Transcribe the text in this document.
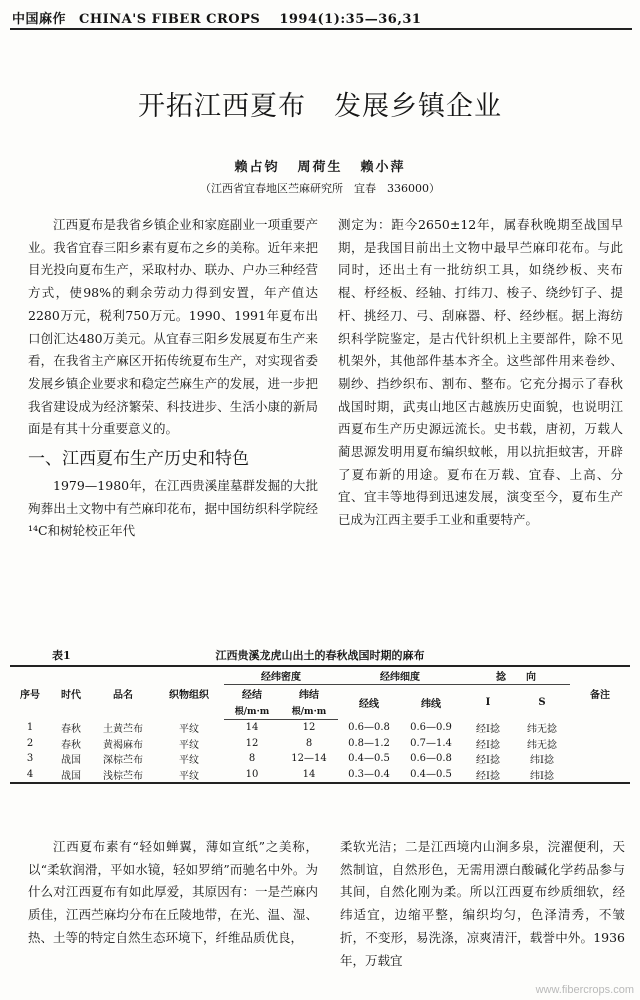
中国麻作 CHINA'S FIBER CROPS 1994(1):35—36,31
开拓江西夏布 发展乡镇企业
赖占钧 周荷生 赖小萍
（江西省宜春地区苎麻研究所　宜春　336000）

江西夏布是我省乡镇企业和家庭副业一项重要产业。我省宜春三阳乡素有夏布之乡的美称。近年来把目光投向夏布生产，采取村办、联办、户办三种经营方式，使98%的剩余劳动力得到安置，年产值达2280万元，税利750万元。1990、1991年夏布出口创汇达480万美元。从宜春三阳乡发展夏布生产来看，在我省主产麻区开拓传统夏布生产，对实现省委发展乡镇企业要求和稳定苎麻生产的发展，进一步把我省建设成为经济繁荣、科技进步、生活小康的新局面是有其十分重要意义的。

一、江西夏布生产历史和特色

1979—1980年，在江西贵溪崖墓群发掘的大批殉葬出土文物中有苎麻印花布，据中国纺织科学院经¹⁴C和树轮校正年代

测定为：距今2650±12年，属春秋晚期至战国早期，是我国目前出土文物中最早苎麻印花布。与此同时，还出土有一批纺织工具，如绕纱板、夹布棍、杼经板、经轴、打纬刀、梭子、绕纱钉子、提杆、挑经刀、弓、刮麻器、杼、经纱框。据上海纺织科学院鉴定，是古代针织机上主要部件，除不见机架外，其他部件基本齐全。这些部件用来卷纱、剔纱、挡纱织布、割布、整布。它充分揭示了春秋战国时期，武夷山地区古越族历史面貌，也说明江西夏布生产历史源远流长。史书载，唐初，万载人蔺思源发明用夏布编织蚊帐，用以抗拒蚊害，开辟了夏布新的用途。夏布在万载、宜春、上高、分宜、宜丰等地得到迅速发展，演变至今，夏布生产已成为江西主要手工业和重要特产。

表1	江西贵溪龙虎山出土的春秋战国时期的麻布
序号	时代	品名	织物组织	经纬密度		经纬细度		捻　　向		备注
				经结	纬结	经线	纬线	I	S	
				根/m·m	根/m·m					
1	春秋	土黄苎布	平纹	14	12	0.6—0.8	0.6—0.9	经I捻	纬无捻	
2	春秋	黄褐麻布	平纹	12	8	0.8—1.2	0.7—1.4	经I捻	纬无捻	
3	战国	深棕苎布	平纹	8	12—14	0.4—0.5	0.6—0.8	经I捻	纬I捻	
4	战国	浅棕苎布	平纹	10	14	0.3—0.4	0.4—0.5	经I捻	纬I捻	

江西夏布素有“轻如蝉翼，薄如宣纸”之美称，以“柔软润滑，平如水镜，轻如罗绡”而驰名中外。为什么对江西夏布有如此厚爱，其原因有：一是苎麻内质佳，江西苎麻均分布在丘陵地带，在光、温、湿、热、土等的特定自然生态环境下，纤维品质优良，

柔软光洁；二是江西境内山涧多泉，浣濯便利，天然制谊，自然形色，无需用漂白酸碱化学药品参与其间，自然化刚为柔。所以江西夏布纱质细软，经纬适宜，边缩平整，编织均匀，色泽清秀，不皱折，不变形，易洗涤，凉爽清汗，载誉中外。1936年，万载宜

www.fibercrops.com
